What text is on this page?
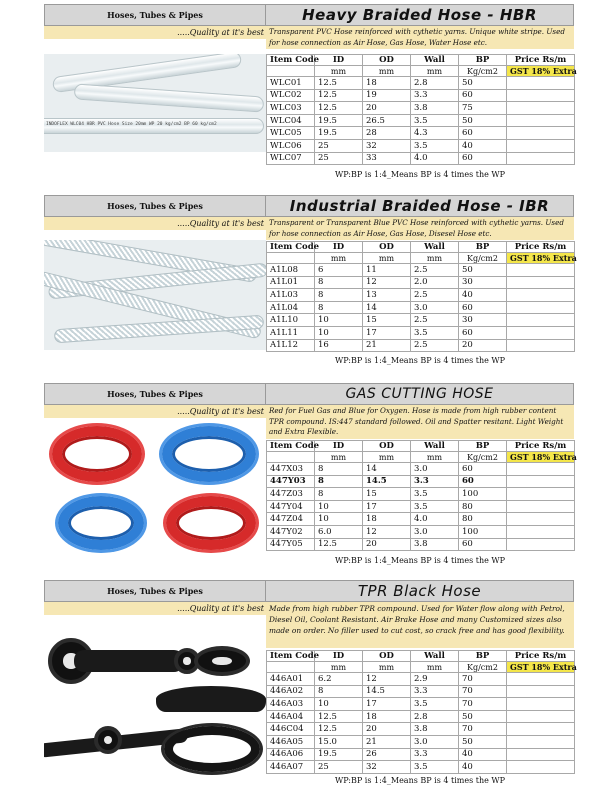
Hoses, Tubes & Pipes	Heavy Braided Hose - HBR
.....Quality at it's best Transparent PVC Hose reinforced with cythetic yarns. Unique white stripe. Used for hose connection as Air Hose, Gas Hose, Water Hose etc.
INDOFLEX WLC04 HBR PVC Hose Size 20mm WP 20 kg/cm2 BP 60 kg/cm2
Item Code	ID	OD	Wall	BP	Price Rs/m
	mm	mm	mm	Kg/cm2	GST 18% Extra
WLC01	12.5	18	2.8	50	
WLC02	12.5	19	3.3	60	
WLC03	12.5	20	3.8	75	
WLC04	19.5	26.5	3.5	50	
WLC05	19.5	28	4.3	60	
WLC06	25	32	3.5	40	
WLC07	25	33	4.0	60	
WP:BP is 1:4_Means BP is 4 times the WP
Hoses, Tubes & Pipes	Industrial Braided Hose - IBR
.....Quality at it's best Transparent or Transparent Blue PVC Hose reinforced with cythetic yarns. Used for hose connection as Air Hose, Gas Hose, Disesel Hose etc.
Item Code	ID	OD	Wall	BP	Price Rs/m
	mm	mm	mm	Kg/cm2	GST 18% Extra
A1L08	6	11	2.5	50	
A1L01	8	12	2.0	30	
A1L03	8	13	2.5	40	
A1L04	8	14	3.0	60	
A1L10	10	15	2.5	30	
A1L11	10	17	3.5	60	
A1L12	16	21	2.5	20	
WP:BP is 1:4_Means BP is 4 times the WP
Hoses, Tubes & Pipes	GAS CUTTING HOSE
.....Quality at it's best Red for Fuel Gas and Blue for Oxygen. Hose is made from high rubber content TPR compound. IS:447 standard followed. Oil and Spatter resitant. Light Weight and Extra Flexible.
Item Code	ID	OD	Wall	BP	Price Rs/m
	mm	mm	mm	Kg/cm2	GST 18% Extra
447X03	8	14	3.0	60	
447Y03	8	14.5	3.3	60	
447Z03	8	15	3.5	100	
447Y04	10	17	3.5	80	
447Z04	10	18	4.0	80	
447Y02	6.0	12	3.0	100	
447Y05	12.5	20	3.8	60	
WP:BP is 1:4_Means BP is 4 times the WP
Hoses, Tubes & Pipes	TPR Black Hose
.....Quality at it's best Made from high rubber TPR compound. Used for Water flow along with Petrol, Diesel Oil, Coolant Resistant. Air Brake Hose and many Customized sizes also made on order. No filler used to cut cost, so crack free and has good flexibility.
Item Code	ID	OD	Wall	BP	Price Rs/m
	mm	mm	mm	Kg/cm2	GST 18% Extra
446A01	6.2	12	2.9	70	
446A02	8	14.5	3.3	70	
446A03	10	17	3.5	70	
446A04	12.5	18	2.8	50	
446C04	12.5	20	3.8	70	
446A05	15.0	21	3.0	50	
446A06	19.5	26	3.3	40	
446A07	25	32	3.5	40	
WP:BP is 1:4_Means BP is 4 times the WP
